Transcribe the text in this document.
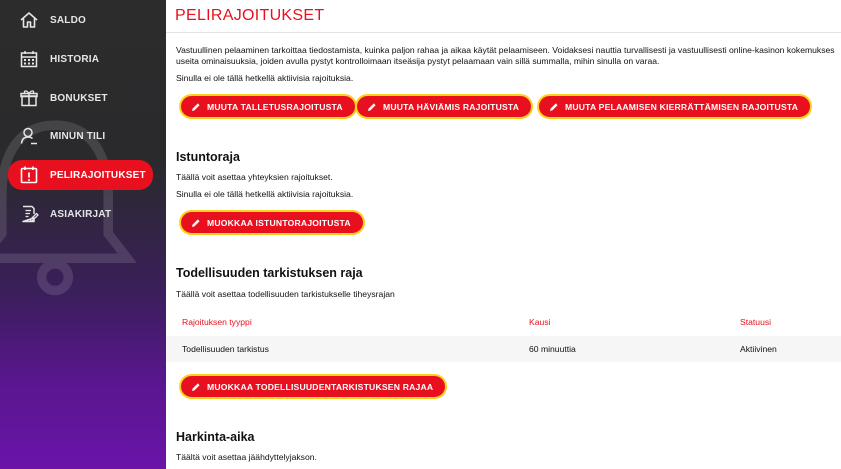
SALDO
HISTORIA
BONUKSET
MINUN TILI
PELIRAJOITUKSET
ASIAKIRJAT
PELIRAJOITUKSET
Vastuullinen pelaaminen tarkoittaa tiedostamista, kuinka paljon rahaa ja aikaa käytät pelaamiseen. Voidaksesi nauttia turvallisesti ja vastuullisesti online-kasinon kokemukses
useita ominaisuuksia, joiden avulla pystyt kontrolloimaan itseäsija pystyt pelaamaan vain sillä summalla, mihin sinulla on varaa.
Sinulla ei ole tällä hetkellä aktiivisia rajoituksia.
MUUTA TALLETUSRAJOITUSTA	MUUTA HÄVIÄMIS RAJOITUSTA	MUUTA PELAAMISEN KIERRÄTTÄMISEN RAJOITUSTA
Istuntoraja
Täällä voit asettaa yhteyksien rajoitukset.
Sinulla ei ole tällä hetkellä aktiivisia rajoituksia.
MUOKKAA ISTUNTORAJOITUSTA
Todellisuuden tarkistuksen raja
Täällä voit asettaa todellisuuden tarkistukselle tiheysrajan
Rajoituksen tyyppi	Kausi	Statuusi
Todellisuuden tarkistus	60 minuuttia	Aktiivinen
MUOKKAA TODELLISUUDENTARKISTUKSEN RAJAA
Harkinta-aika
Täältä voit asettaa jäähdyttelyjakson.
